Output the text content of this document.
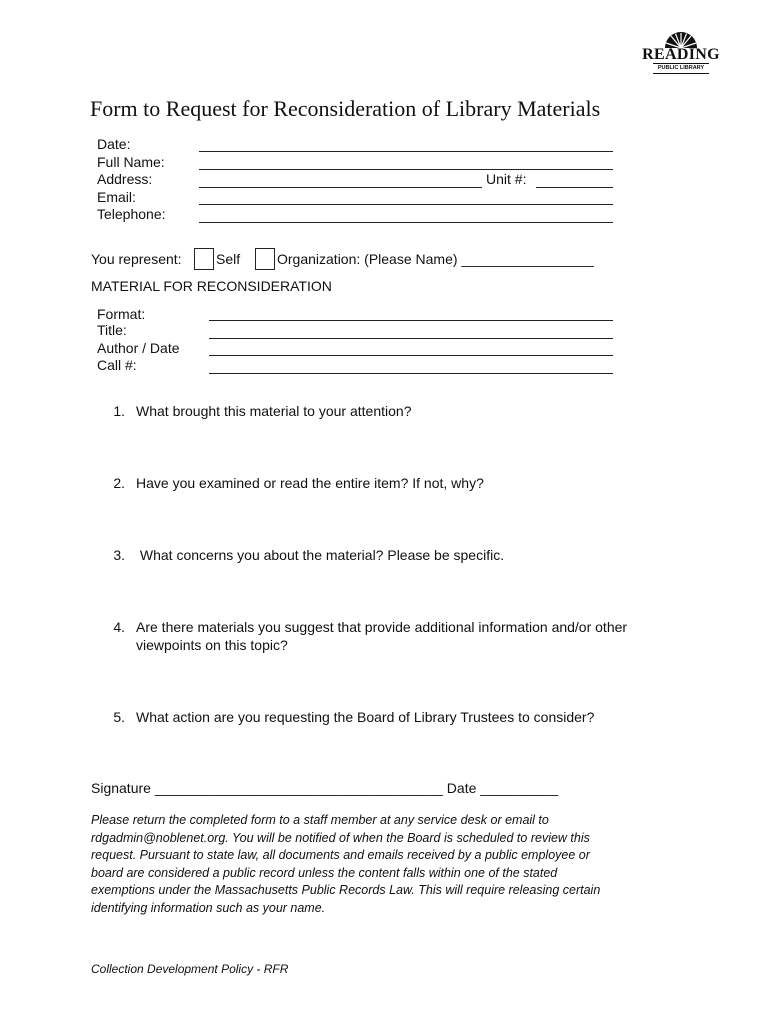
READING
PUBLIC LIBRARY
Form to Request for Reconsideration of Library Materials
Date:
Full Name:
Address:	Unit #:
Email:
Telephone:
You represent: Self	Organization: (Please Name) _________________
MATERIAL FOR RECONSIDERATION
Format:
Title:
Author / Date
Call #:
1. What brought this material to your attention?
2. Have you examined or read the entire item? If not, why?
3. What concerns you about the material? Please be specific.
4. Are there materials you suggest that provide additional information and/or other
viewpoints on this topic?
5. What action are you requesting the Board of Library Trustees to consider?
Signature _____________________________________ Date __________
Please return the completed form to a staff member at any service desk or email to
rdgadmin@noblenet.org. You will be notified of when the Board is scheduled to review this
request. Pursuant to state law, all documents and emails received by a public employee or
board are considered a public record unless the content falls within one of the stated
exemptions under the Massachusetts Public Records Law. This will require releasing certain
identifying information such as your name.
Collection Development Policy - RFR
